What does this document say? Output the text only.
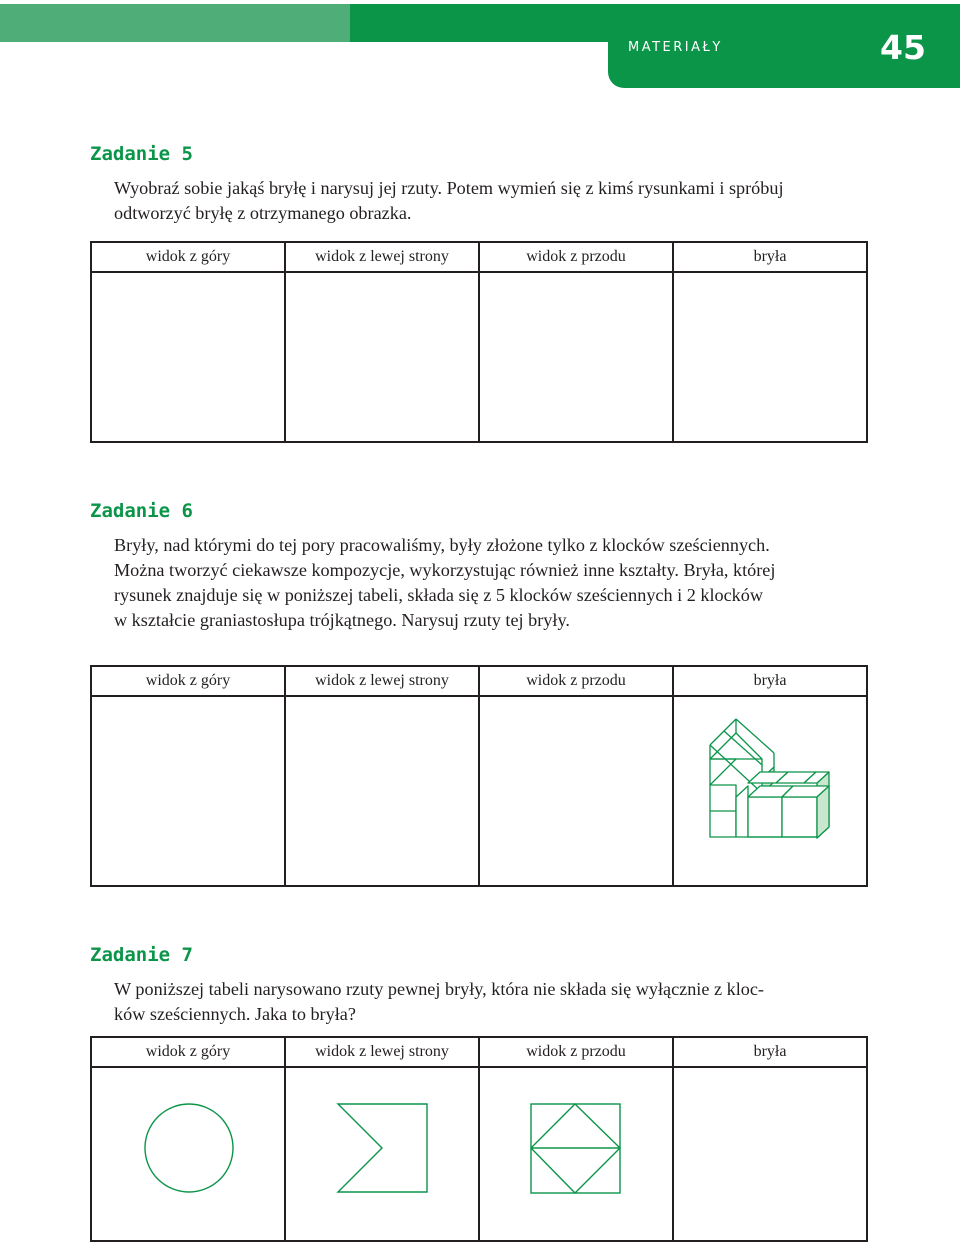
MATERIAŁY	45
Zadanie 5

Wyobraź sobie jakąś bryłę i narysuj jej rzuty. Potem wymień się z kimś rysunkami i spróbuj

odtworzyć bryłę z otrzymanego obrazka.

widok z góry	widok z lewej strony	widok z przodu	bryła

Zadanie 6

Bryły, nad którymi do tej pory pracowaliśmy, były złożone tylko z klocków sześciennych.

Można tworzyć ciekawsze kompozycje, wykorzystując również inne kształty. Bryła, której

rysunek znajduje się w poniższej tabeli, składa się z 5 klocków sześciennych i 2 klocków

w kształcie graniastosłupa trójkątnego. Narysuj rzuty tej bryły.

widok z góry	widok z lewej strony	widok z przodu	bryła

Zadanie 7

W poniższej tabeli narysowano rzuty pewnej bryły, która nie składa się wyłącznie z kloc-

ków sześciennych. Jaka to bryła?

widok z góry	widok z lewej strony	widok z przodu	bryła
